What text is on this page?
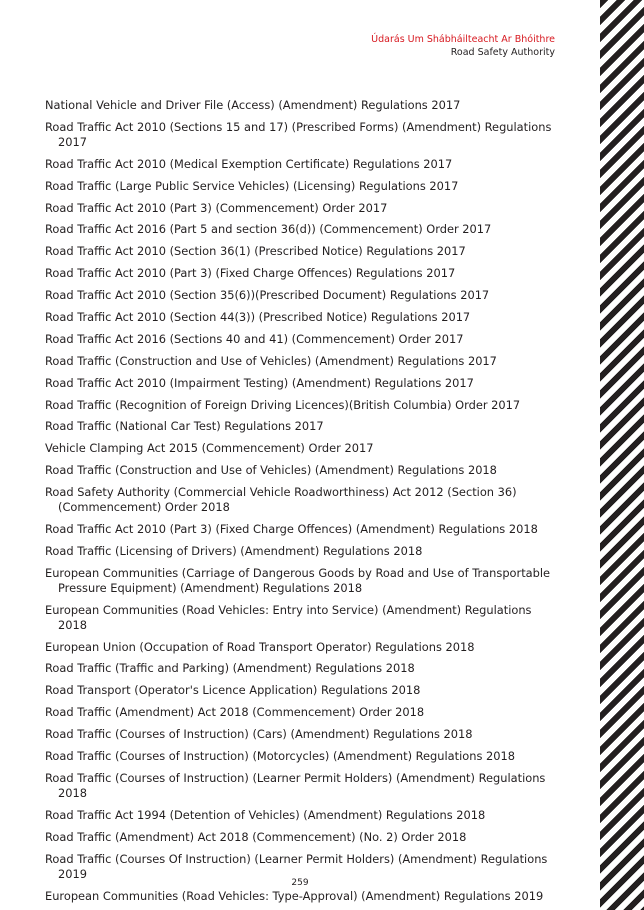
Údarás Um Shábháilteacht Ar Bhóithre
Road Safety Authority
National Vehicle and Driver File (Access) (Amendment) Regulations 2017
Road Traffic Act 2010 (Sections 15 and 17) (Prescribed Forms) (Amendment) Regulations 2017
Road Traffic Act 2010 (Medical Exemption Certificate) Regulations 2017
Road Traffic (Large Public Service Vehicles) (Licensing) Regulations 2017
Road Traffic Act 2010 (Part 3) (Commencement) Order 2017
Road Traffic Act 2016 (Part 5 and section 36(d)) (Commencement) Order 2017
Road Traffic Act 2010 (Section 36(1) (Prescribed Notice) Regulations 2017
Road Traffic Act 2010 (Part 3) (Fixed Charge Offences) Regulations 2017
Road Traffic Act 2010 (Section 35(6))(Prescribed Document) Regulations 2017
Road Traffic Act 2010 (Section 44(3)) (Prescribed Notice) Regulations 2017
Road Traffic Act 2016 (Sections 40 and 41) (Commencement) Order 2017
Road Traffic (Construction and Use of Vehicles) (Amendment) Regulations 2017
Road Traffic Act 2010 (Impairment Testing) (Amendment) Regulations 2017
Road Traffic (Recognition of Foreign Driving Licences)(British Columbia) Order 2017
Road Traffic (National Car Test) Regulations 2017
Vehicle Clamping Act 2015 (Commencement) Order 2017
Road Traffic (Construction and Use of Vehicles) (Amendment) Regulations 2018
Road Safety Authority (Commercial Vehicle Roadworthiness) Act 2012 (Section 36) (Commencement) Order 2018
Road Traffic Act 2010 (Part 3) (Fixed Charge Offences) (Amendment) Regulations 2018
Road Traffic (Licensing of Drivers) (Amendment) Regulations 2018
European Communities (Carriage of Dangerous Goods by Road and Use of Transportable Pressure Equipment) (Amendment) Regulations 2018
European Communities (Road Vehicles: Entry into Service) (Amendment) Regulations 2018
European Union (Occupation of Road Transport Operator) Regulations 2018
Road Traffic (Traffic and Parking) (Amendment) Regulations 2018
Road Transport (Operator's Licence Application) Regulations 2018
Road Traffic (Amendment) Act 2018 (Commencement) Order 2018
Road Traffic (Courses of Instruction) (Cars) (Amendment) Regulations 2018
Road Traffic (Courses of Instruction) (Motorcycles) (Amendment) Regulations 2018
Road Traffic (Courses of Instruction) (Learner Permit Holders) (Amendment) Regulations 2018
Road Traffic Act 1994 (Detention of Vehicles) (Amendment) Regulations 2018
Road Traffic (Amendment) Act 2018 (Commencement) (No. 2) Order 2018
Road Traffic (Courses Of Instruction) (Learner Permit Holders) (Amendment) Regulations 2019
European Communities (Road Vehicles: Type-Approval) (Amendment) Regulations 2019
259
